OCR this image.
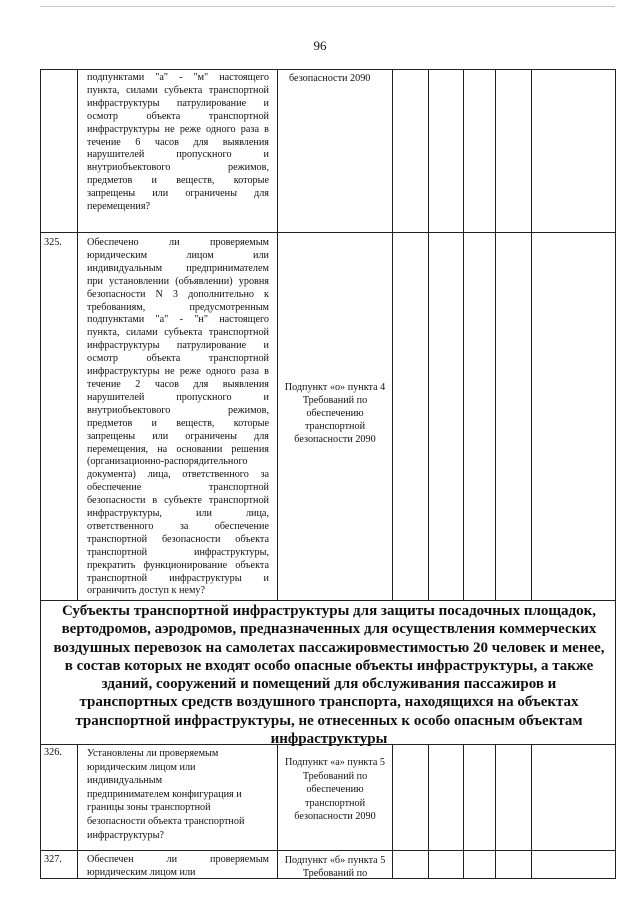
96
подпунктами "а" - "м" настоящего
пункта, силами субъекта транспортной
инфраструктуры патрулирование и
осмотр объекта транспортной
инфраструктуры не реже одного раза в
течение 6 часов для выявления
нарушителей пропускного и
внутриобъектового режимов,
предметов и веществ, которые
запрещены или ограничены для
перемещения?
безопасности 2090
325. Обеспечено ли проверяемым
юридическим лицом или
индивидуальным предпринимателем
при установлении (объявлении) уровня
безопасности N 3 дополнительно к
требованиям, предусмотренным
подпунктами "а" - "н" настоящего
пункта, силами субъекта транспортной
инфраструктуры патрулирование и
осмотр объекта транспортной
инфраструктуры не реже одного раза в
течение 2 часов для выявления
нарушителей пропускного и
внутриобъектового режимов,
предметов и веществ, которые
запрещены или ограничены для
перемещения, на основании решения
(организационно-распорядительного
документа) лица, ответственного за
обеспечение транспортной
безопасности в субъекте транспортной
инфраструктуры, или лица,
ответственного за обеспечение
транспортной безопасности объекта
транспортной инфраструктуры,
прекратить функционирование объекта
транспортной инфраструктуры и
ограничить доступ к нему?
Подпункт «о» пункта 4
Требований по
обеспечению
транспортной
безопасности 2090
Субъекты транспортной инфраструктуры для защиты посадочных площадок,
вертодромов, аэродромов, предназначенных для осуществления коммерческих
воздушных перевозок на самолетах пассажировместимостью 20 человек и менее,
в состав которых не входят особо опасные объекты инфраструктуры, а также
зданий, сооружений и помещений для обслуживания пассажиров и
транспортных средств воздушного транспорта, находящихся на объектах
транспортной инфраструктуры, не отнесенных к особо опасным объектам
инфраструктуры
326. Установлены ли проверяемым
юридическим лицом или
индивидуальным
предпринимателем конфигурация и
границы зоны транспортной
безопасности объекта транспортной
инфраструктуры?
Подпункт «а» пункта 5
Требований по
обеспечению
транспортной
безопасности 2090
327. Обеспечен ли проверяемым
юридическим лицом или
Подпункт «б» пункта 5
Требований по
